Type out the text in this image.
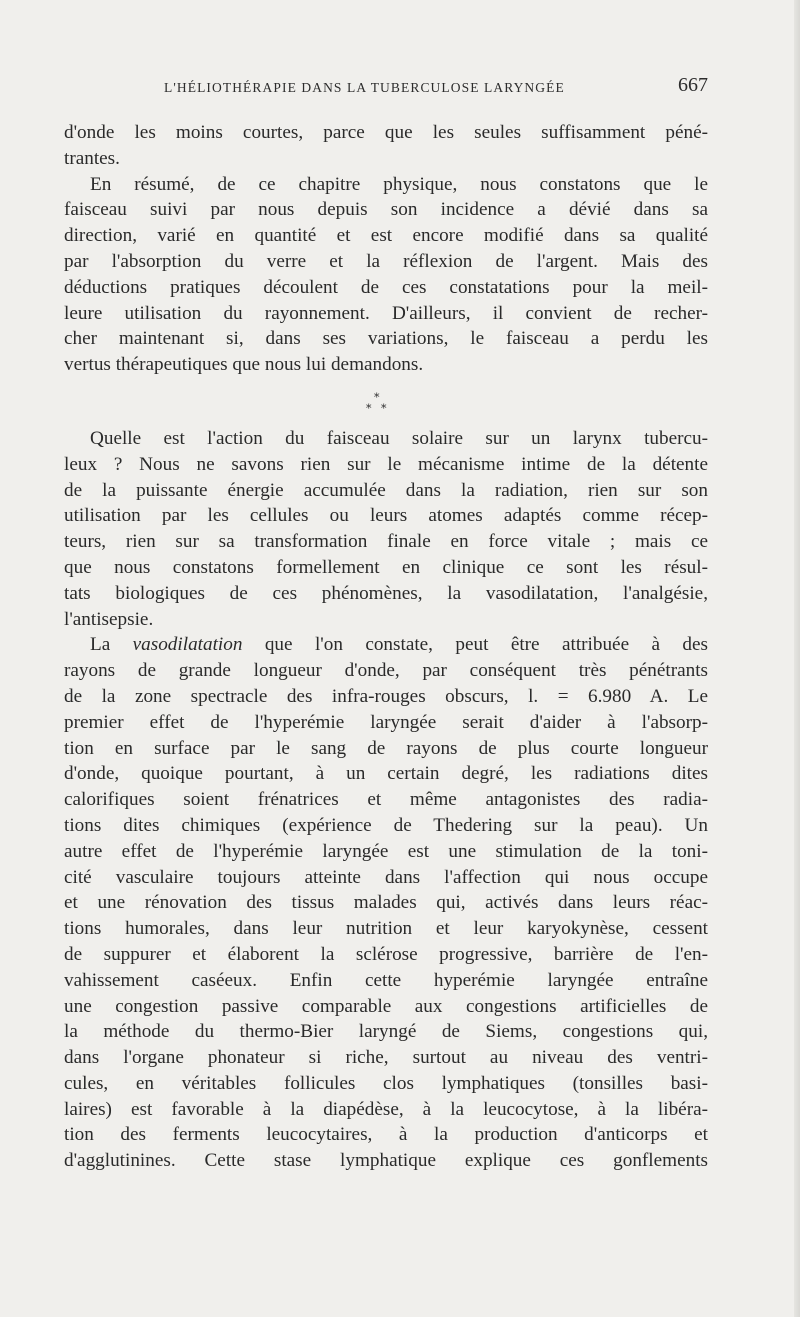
L'HÉLIOTHÉRAPIE DANS LA TUBERCULOSE LARYNGÉE	667
d'onde les moins courtes, parce que les seules suffisamment péné-
trantes.
En résumé, de ce chapitre physique, nous constatons que le
faisceau suivi par nous depuis son incidence a dévié dans sa
direction, varié en quantité et est encore modifié dans sa qualité
par l'absorption du verre et la réflexion de l'argent. Mais des
déductions pratiques découlent de ces constatations pour la meil-
leure utilisation du rayonnement. D'ailleurs, il convient de recher-
cher maintenant si, dans ses variations, le faisceau a perdu les
vertus thérapeutiques que nous lui demandons.
*
* *
Quelle est l'action du faisceau solaire sur un larynx tubercu-
leux ? Nous ne savons rien sur le mécanisme intime de la détente
de la puissante énergie accumulée dans la radiation, rien sur son
utilisation par les cellules ou leurs atomes adaptés comme récep-
teurs, rien sur sa transformation finale en force vitale ; mais ce
que nous constatons formellement en clinique ce sont les résul-
tats biologiques de ces phénomènes, la vasodilatation, l'analgésie,
l'antisepsie.
La vasodilatation que l'on constate, peut être attribuée à des
rayons de grande longueur d'onde, par conséquent très pénétrants
de la zone spectracle des infra-rouges obscurs, l. = 6.980 A. Le
premier effet de l'hyperémie laryngée serait d'aider à l'absorp-
tion en surface par le sang de rayons de plus courte longueur
d'onde, quoique pourtant, à un certain degré, les radiations dites
calorifiques soient frénatrices et même antagonistes des radia-
tions dites chimiques (expérience de Thedering sur la peau). Un
autre effet de l'hyperémie laryngée est une stimulation de la toni-
cité vasculaire toujours atteinte dans l'affection qui nous occupe
et une rénovation des tissus malades qui, activés dans leurs réac-
tions humorales, dans leur nutrition et leur karyokynèse, cessent
de suppurer et élaborent la sclérose progressive, barrière de l'en-
vahissement caséeux. Enfin cette hyperémie laryngée entraîne
une congestion passive comparable aux congestions artificielles de
la méthode du thermo-Bier laryngé de Siems, congestions qui,
dans l'organe phonateur si riche, surtout au niveau des ventri-
cules, en véritables follicules clos lymphatiques (tonsilles basi-
laires) est favorable à la diapédèse, à la leucocytose, à la libéra-
tion des ferments leucocytaires, à la production d'anticorps et
d'agglutinines. Cette stase lymphatique explique ces gonflements
